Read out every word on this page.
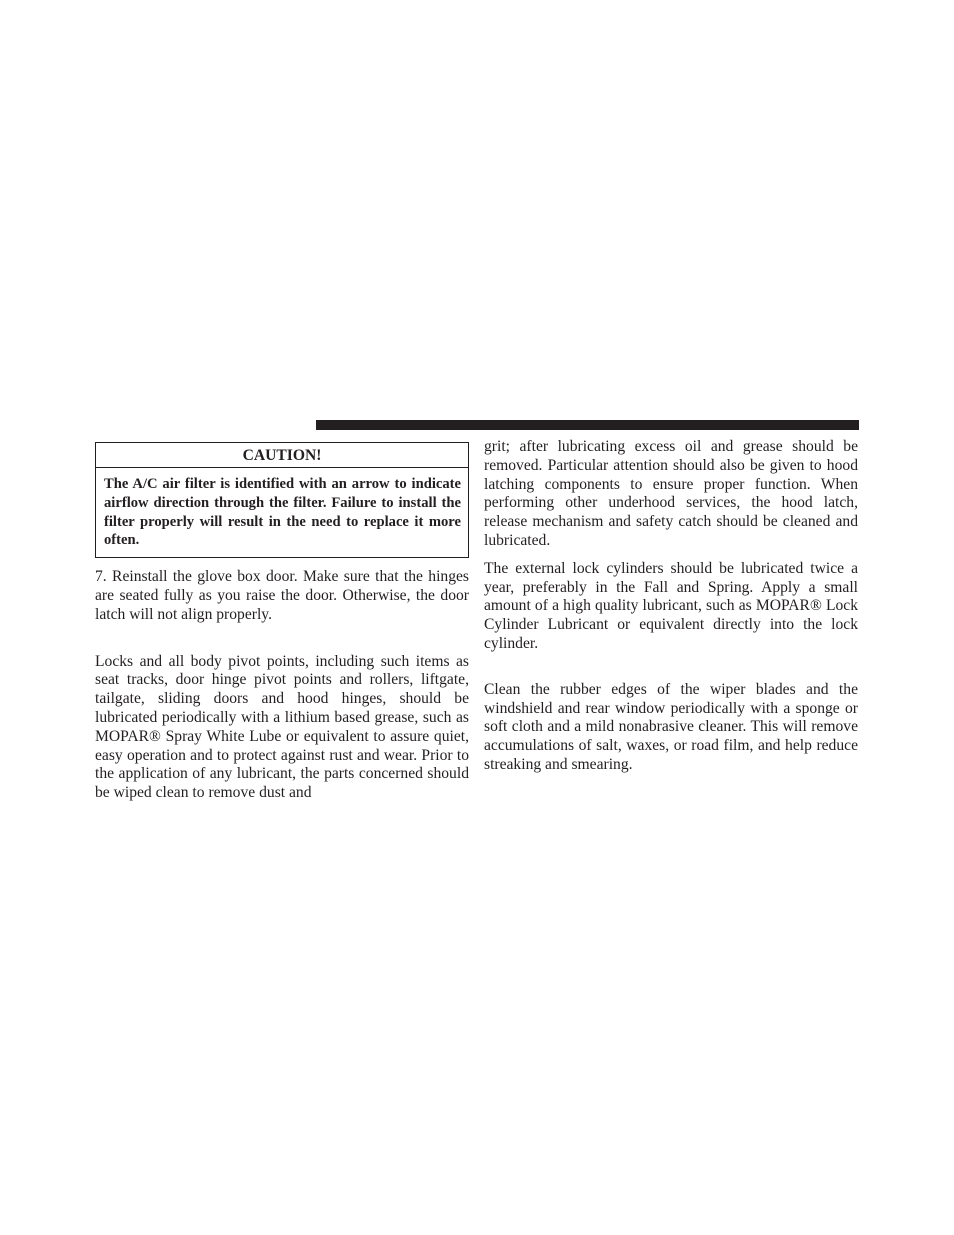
CAUTION!
The A/C air filter is identified with an arrow to indicate airflow direction through the filter. Failure to install the filter properly will result in the need to replace it more often.

7. Reinstall the glove box door. Make sure that the hinges are seated fully as you raise the door. Otherwise, the door latch will not align properly.

Locks and all body pivot points, including such items as seat tracks, door hinge pivot points and rollers, liftgate, tailgate, sliding doors and hood hinges, should be lubricated periodically with a lithium based grease, such as MOPAR® Spray White Lube or equivalent to assure quiet, easy operation and to protect against rust and wear. Prior to the application of any lubricant, the parts concerned should be wiped clean to remove dust and

grit; after lubricating excess oil and grease should be removed. Particular attention should also be given to hood latching components to ensure proper function. When performing other underhood services, the hood latch, release mechanism and safety catch should be cleaned and lubricated.

The external lock cylinders should be lubricated twice a year, preferably in the Fall and Spring. Apply a small amount of a high quality lubricant, such as MOPAR® Lock Cylinder Lubricant or equivalent directly into the lock cylinder.

Clean the rubber edges of the wiper blades and the windshield and rear window periodically with a sponge or soft cloth and a mild nonabrasive cleaner. This will remove accumulations of salt, waxes, or road film, and help reduce streaking and smearing.
